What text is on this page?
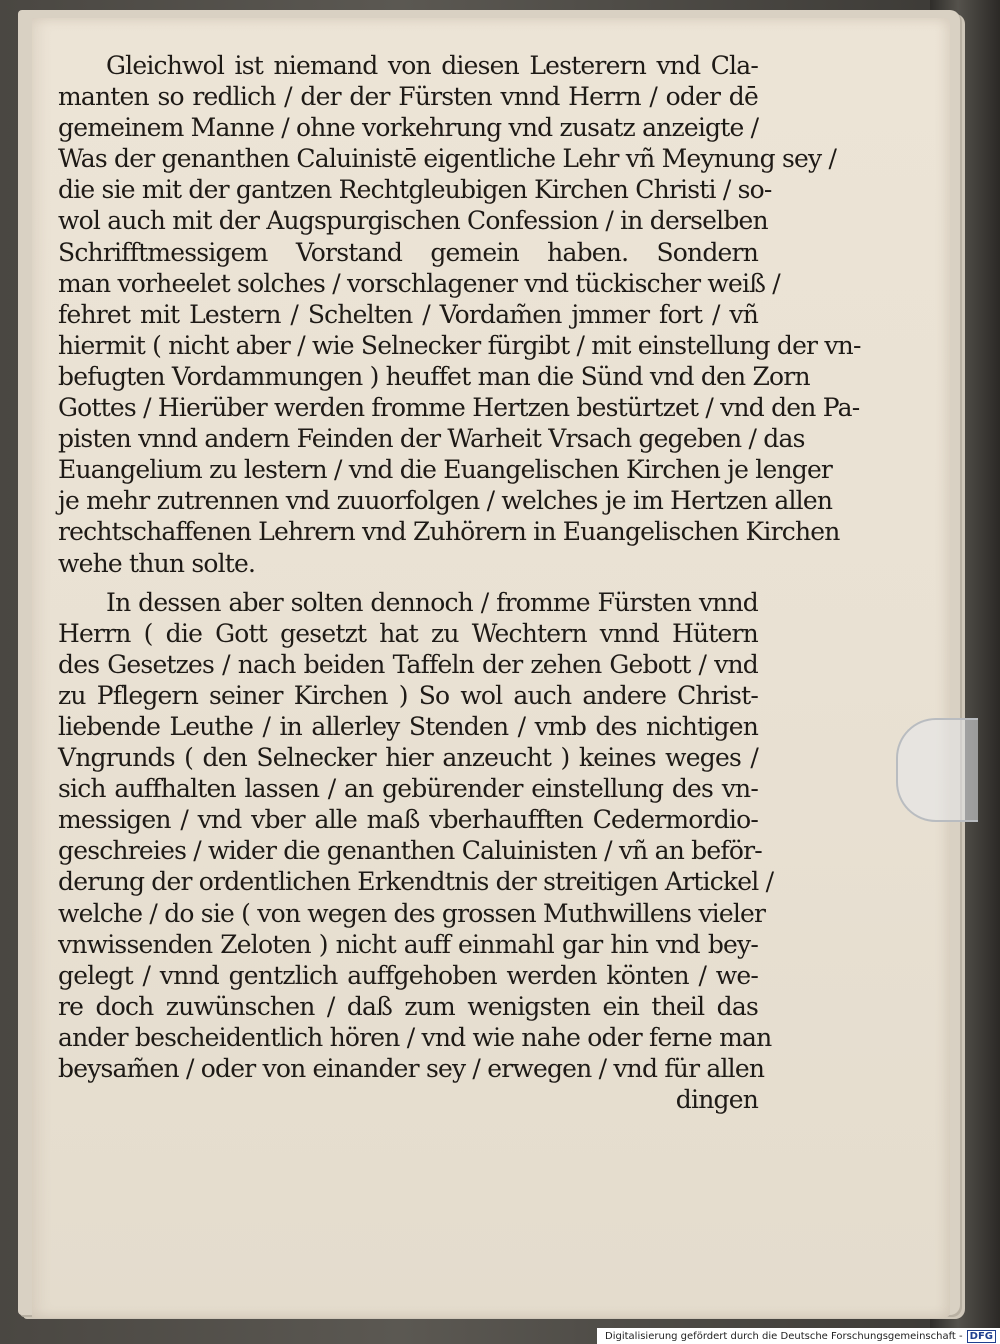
Gleichwol ist niemand von diesen Lesterern vnd Cla-
manten so redlich / der der Fürsten vnnd Herrn / oder dē
gemeinem Manne / ohne vorkehrung vnd zusatz anzeigte /
Was der genanthen Caluinistē eigentliche Lehr vñ Meynung sey /
die sie mit der gantzen Rechtgleubigen Kirchen Christi / so-
wol auch mit der Augspurgischen Confession / in derselben
Schrifftmessigem Vorstand gemein haben. Sondern
man vorheelet solches / vorschlagener vnd tückischer weiß /
fehret mit Lestern / Schelten / Vordam̃en jmmer fort / vñ
hiermit ( nicht aber / wie Selnecker fürgibt / mit einstellung der vn-
befugten Vordammungen ) heuffet man die Sünd vnd den Zorn
Gottes / Hierüber werden fromme Hertzen bestürtzet / vnd den Pa-
pisten vnnd andern Feinden der Warheit Vrsach gegeben / das
Euangelium zu lestern / vnd die Euangelischen Kirchen je lenger
je mehr zutrennen vnd zuuorfolgen / welches je im Hertzen allen
rechtschaffenen Lehrern vnd Zuhörern in Euangelischen Kirchen
wehe thun solte.
In dessen aber solten dennoch / fromme Fürsten vnnd
Herrn ( die Gott gesetzt hat zu Wechtern vnnd Hütern
des Gesetzes / nach beiden Taffeln der zehen Gebott / vnd
zu Pflegern seiner Kirchen ) So wol auch andere Christ-
liebende Leuthe / in allerley Stenden / vmb des nichtigen
Vngrunds ( den Selnecker hier anzeucht ) keines weges /
sich auffhalten lassen / an gebürender einstellung des vn-
messigen / vnd vber alle maß vberhaufften Cedermordio-
geschreies / wider die genanthen Caluinisten / vñ an beför-
derung der ordentlichen Erkendtnis der streitigen Artickel /
welche / do sie ( von wegen des grossen Muthwillens vieler
vnwissenden Zeloten ) nicht auff einmahl gar hin vnd bey-
gelegt / vnnd gentzlich auffgehoben werden könten / we-
re doch zuwünschen / daß zum wenigsten ein theil das
ander bescheidentlich hören / vnd wie nahe oder ferne man
beysam̃en / oder von einander sey / erwegen / vnd für allen
dingen
Digitalisierung gefördert durch die Deutsche Forschungsgemeinschaft - DFG
